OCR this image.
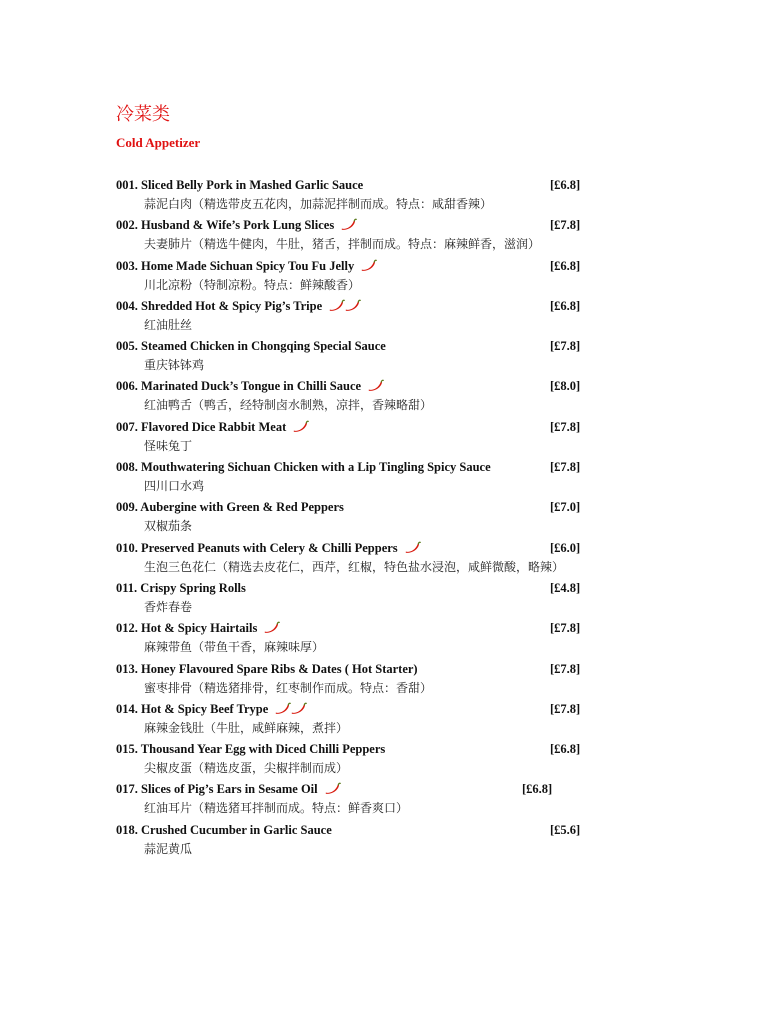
冷菜类
Cold Appetizer
001. Sliced Belly Pork in Mashed Garlic Sauce	[£6.8]
蒜泥白肉（精选带皮五花肉，加蒜泥拌制而成。特点：咸甜香辣）
002. Husband & Wife’s Pork Lung Slices	[£7.8]
夫妻肺片（精选牛健肉，牛肚，猪舌，拌制而成。特点：麻辣鲜香，滋润）
003. Home Made Sichuan Spicy Tou Fu Jelly	[£6.8]
川北凉粉（特制凉粉。特点：鲜辣酸香）
004. Shredded Hot & Spicy Pig’s Tripe	[£6.8]
红油肚丝
005. Steamed Chicken in Chongqing Special Sauce	[£7.8]
重庆钵钵鸡
006. Marinated Duck’s Tongue in Chilli Sauce	[£8.0]
红油鸭舌（鸭舌，经特制卤水制熟，凉拌，香辣略甜）
007. Flavored Dice Rabbit Meat	[£7.8]
怪味兔丁
008. Mouthwatering Sichuan Chicken with a Lip Tingling Spicy Sauce	[£7.8]
四川口水鸡
009. Aubergine with Green & Red Peppers	[£7.0]
双椒茄条
010. Preserved Peanuts with Celery & Chilli Peppers	[£6.0]
生泡三色花仁（精选去皮花仁，西芹，红椒，特色盐水浸泡，咸鲜微酸，略辣）
011. Crispy Spring Rolls	[£4.8]
香炸春卷
012. Hot & Spicy Hairtails	[£7.8]
麻辣带鱼（带鱼干香，麻辣味厚）
013. Honey Flavoured Spare Ribs & Dates ( Hot Starter)	[£7.8]
蜜枣排骨（精选猪排骨，红枣制作而成。特点：香甜）
014. Hot & Spicy Beef Trype	[£7.8]
麻辣金钱肚（牛肚，咸鲜麻辣，煮拌）
015. Thousand Year Egg with Diced Chilli Peppers	[£6.8]
尖椒皮蛋（精选皮蛋，尖椒拌制而成）
017. Slices of Pig’s Ears in Sesame Oil	[£6.8]
红油耳片（精选猪耳拌制而成。特点：鲜香爽口）
018. Crushed Cucumber in Garlic Sauce	[£5.6]
蒜泥黄瓜
